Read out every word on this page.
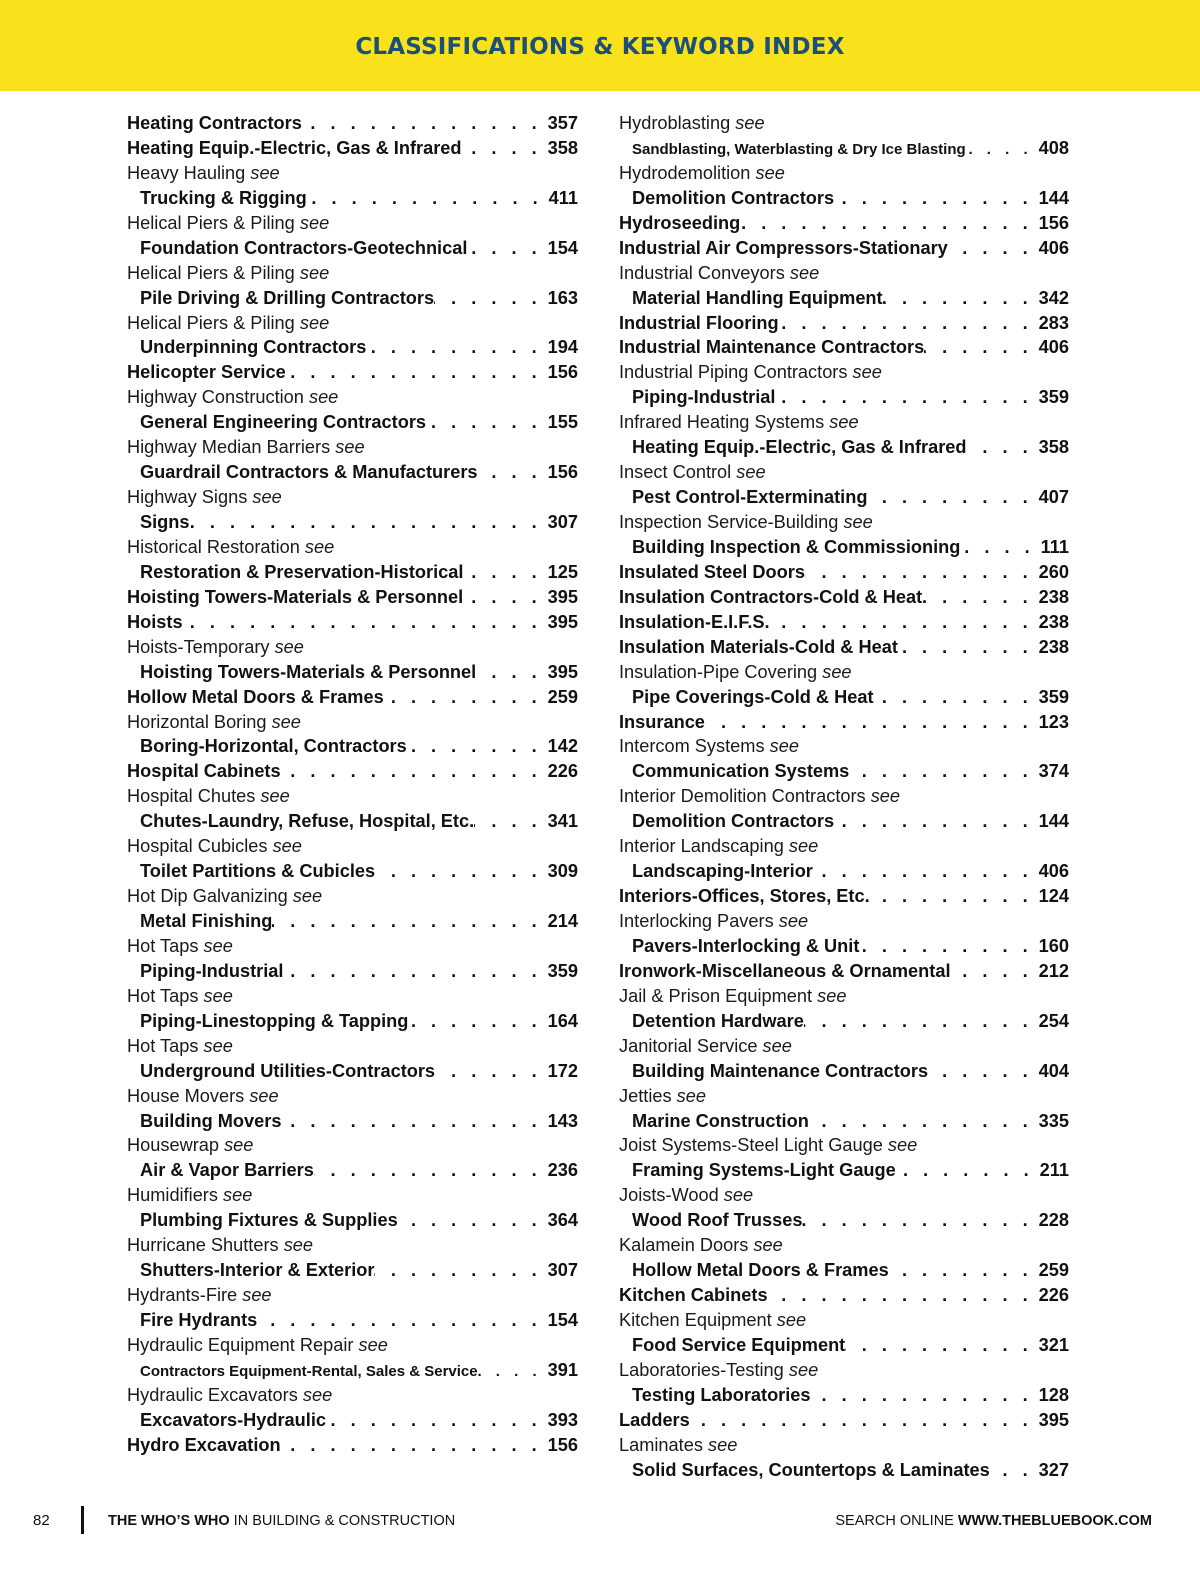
CLASSIFICATIONS & KEYWORD INDEX
Heating Contractors . . .	357
Heating Equip.-Electric, Gas & Infrared . . .	358
Heavy Hauling see
Trucking & Rigging . . .	411
Helical Piers & Piling see
Foundation Contractors-Geotechnical . . .	154
Helical Piers & Piling see
Pile Driving & Drilling Contractors . . .	163
Helical Piers & Piling see
Underpinning Contractors . . .	194
Helicopter Service . . .	156
Highway Construction see
General Engineering Contractors . . .	155
Highway Median Barriers see
Guardrail Contractors & Manufacturers . . .	156
Highway Signs see
Signs . . .	307
Historical Restoration see
Restoration & Preservation-Historical . . .	125
Hoisting Towers-Materials & Personnel . . .	395
Hoists . . .	395
Hoists-Temporary see
Hoisting Towers-Materials & Personnel . . .	395
Hollow Metal Doors & Frames . . .	259
Horizontal Boring see
Boring-Horizontal, Contractors . . .	142
Hospital Cabinets . . .	226
Hospital Chutes see
Chutes-Laundry, Refuse, Hospital, Etc. . . .	341
Hospital Cubicles see
Toilet Partitions & Cubicles . . .	309
Hot Dip Galvanizing see
Metal Finishing . . .	214
Hot Taps see
Piping-Industrial . . .	359
Hot Taps see
Piping-Linestopping & Tapping . . .	164
Hot Taps see
Underground Utilities-Contractors . . .	172
House Movers see
Building Movers . . .	143
Housewrap see
Air & Vapor Barriers . . .	236
Humidifiers see
Plumbing Fixtures & Supplies . . .	364
Hurricane Shutters see
Shutters-Interior & Exterior . . .	307
Hydrants-Fire see
Fire Hydrants . . .	154
Hydraulic Equipment Repair see
Contractors Equipment-Rental, Sales & Service . . .	391
Hydraulic Excavators see
Excavators-Hydraulic . . .	393
Hydro Excavation . . .	156
Hydroblasting see
Sandblasting, Waterblasting & Dry Ice Blasting . . .	408
Hydrodemolition see
Demolition Contractors . . .	144
Hydroseeding . . .	156
Industrial Air Compressors-Stationary . . .	406
Industrial Conveyors see
Material Handling Equipment . . .	342
Industrial Flooring . . .	283
Industrial Maintenance Contractors . . .	406
Industrial Piping Contractors see
Piping-Industrial . . .	359
Infrared Heating Systems see
Heating Equip.-Electric, Gas & Infrared . . .	358
Insect Control see
Pest Control-Exterminating . . .	407
Inspection Service-Building see
Building Inspection & Commissioning . . .	111
Insulated Steel Doors . . .	260
Insulation Contractors-Cold & Heat . . .	238
Insulation-E.I.F.S. . . .	238
Insulation Materials-Cold & Heat . . .	238
Insulation-Pipe Covering see
Pipe Coverings-Cold & Heat . . .	359
Insurance . . .	123
Intercom Systems see
Communication Systems . . .	374
Interior Demolition Contractors see
Demolition Contractors . . .	144
Interior Landscaping see
Landscaping-Interior . . .	406
Interiors-Offices, Stores, Etc. . . .	124
Interlocking Pavers see
Pavers-Interlocking & Unit . . .	160
Ironwork-Miscellaneous & Ornamental . . .	212
Jail & Prison Equipment see
Detention Hardware . . .	254
Janitorial Service see
Building Maintenance Contractors . . .	404
Jetties see
Marine Construction . . .	335
Joist Systems-Steel Light Gauge see
Framing Systems-Light Gauge . . .	211
Joists-Wood see
Wood Roof Trusses . . .	228
Kalamein Doors see
Hollow Metal Doors & Frames . . .	259
Kitchen Cabinets . . .	226
Kitchen Equipment see
Food Service Equipment . . .	321
Laboratories-Testing see
Testing Laboratories . . .	128
Ladders . . .	395
Laminates see
Solid Surfaces, Countertops & Laminates . . .	327
82	THE WHO’S WHO IN BUILDING & CONSTRUCTION	SEARCH ONLINE WWW.THEBLUEBOOK.COM
